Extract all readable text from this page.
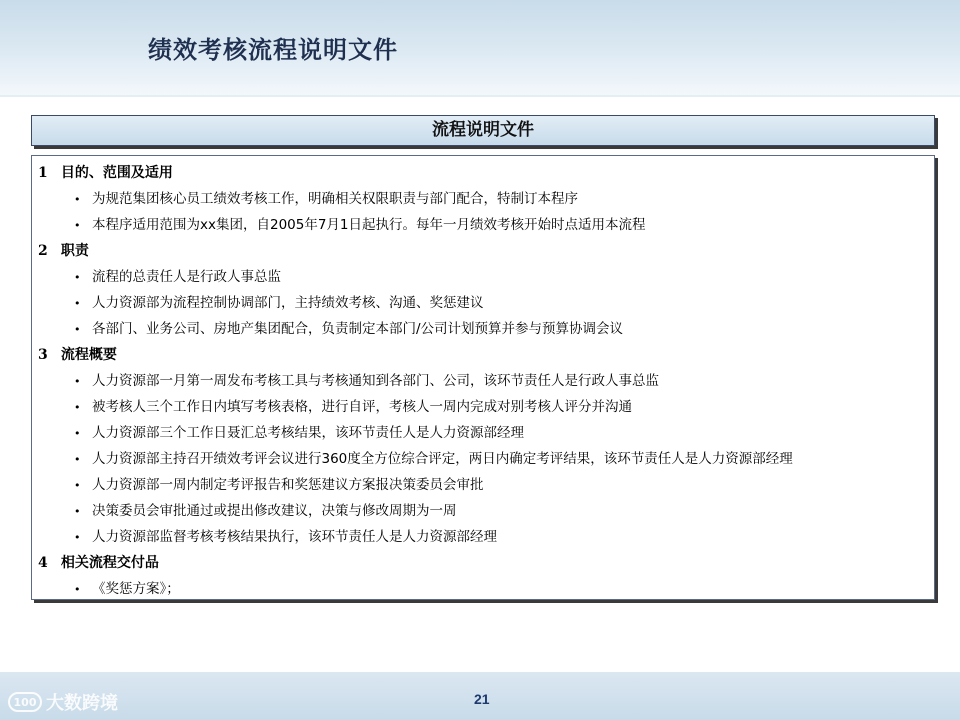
绩效考核流程说明文件
流程说明文件
1 目的、范围及适用
• 为规范集团核心员工绩效考核工作，明确相关权限职责与部门配合，特制订本程序
• 本程序适用范围为xx集团，自2005年7月1日起执行。每年一月绩效考核开始时点适用本流程
2 职责
• 流程的总责任人是行政人事总监
• 人力资源部为流程控制协调部门，主持绩效考核、沟通、奖惩建议
• 各部门、业务公司、房地产集团配合，负责制定本部门/公司计划预算并参与预算协调会议
3 流程概要
• 人力资源部一月第一周发布考核工具与考核通知到各部门、公司，该环节责任人是行政人事总监
• 被考核人三个工作日内填写考核表格，进行自评，考核人一周内完成对别考核人评分并沟通
• 人力资源部三个工作日聂汇总考核结果，该环节责任人是人力资源部经理
• 人力资源部主持召开绩效考评会议进行360度全方位综合评定，两日内确定考评结果，该环节责任人是人力资源部经理
• 人力资源部一周内制定考评报告和奖惩建议方案报决策委员会审批
• 决策委员会审批通过或提出修改建议，决策与修改周期为一周
• 人力资源部监督考核考核结果执行，该环节责任人是人力资源部经理
4 相关流程交付品
• 《奖惩方案》；
100 大数跨境	21
